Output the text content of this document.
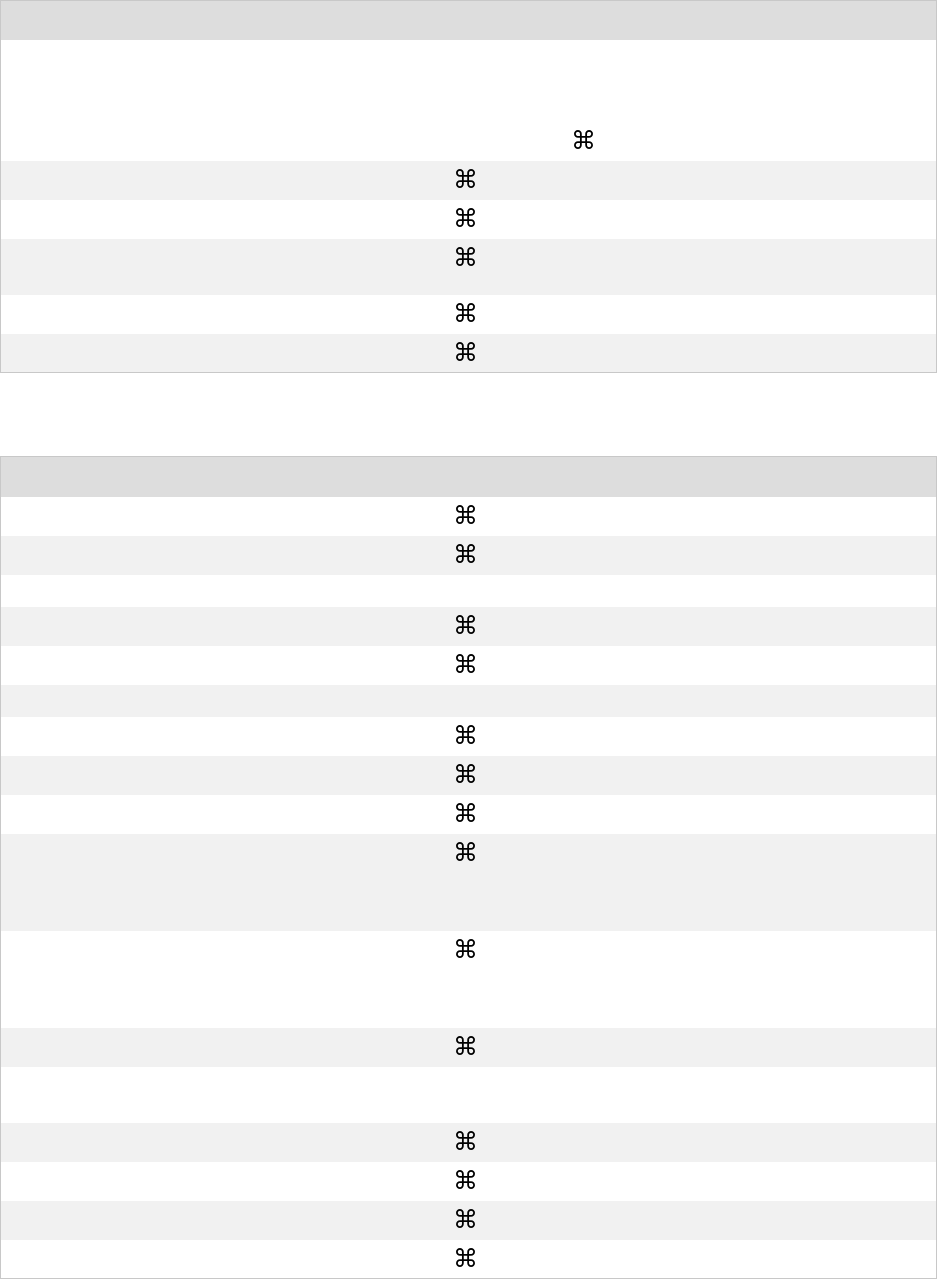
⌘
⌘
⌘
⌘
⌘
⌘
⌘
⌘
⌘
⌘
⌘
⌘
⌘
⌘
⌘
⌘
⌘
⌘
⌘
⌘
